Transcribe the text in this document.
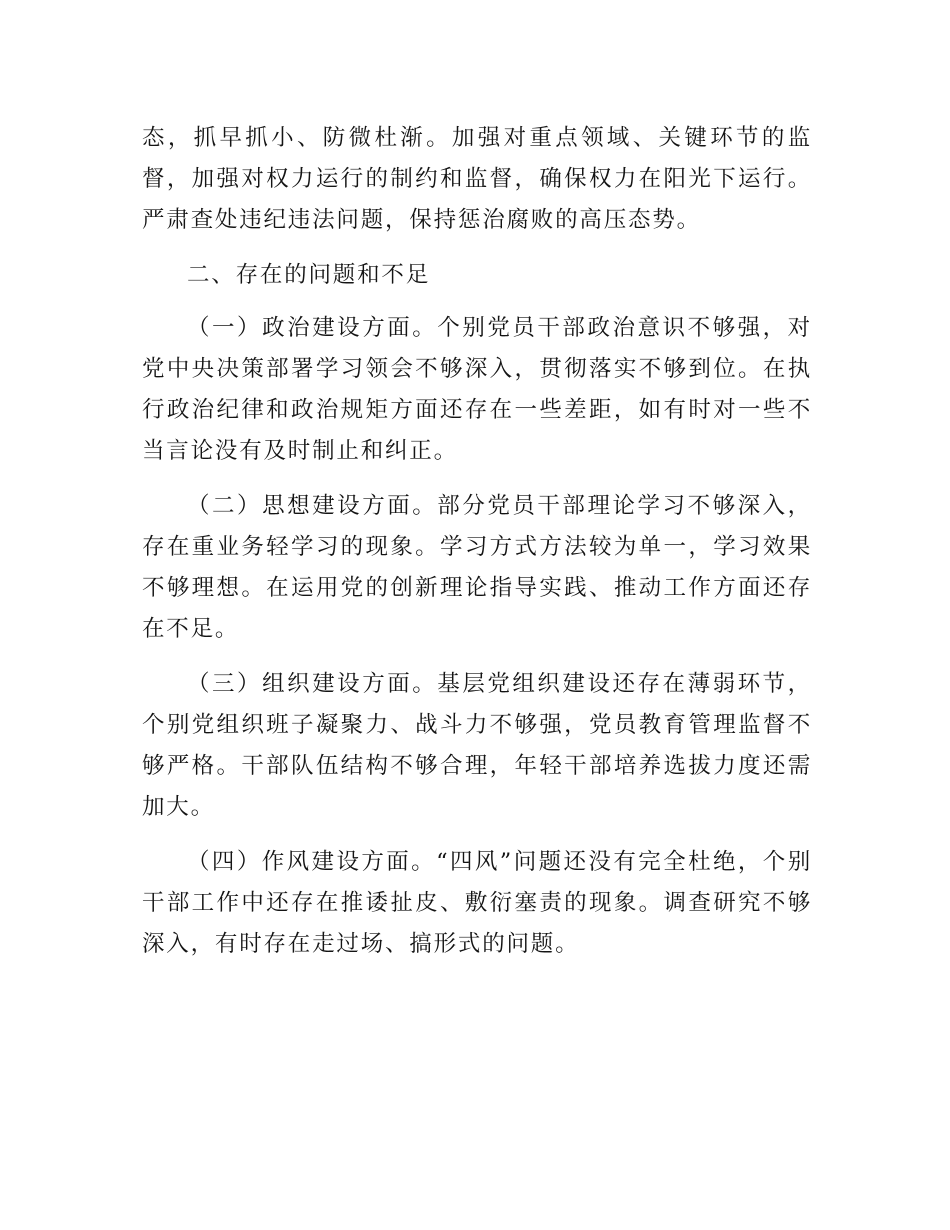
态，抓早抓小、防微杜渐。加强对重点领域、关键环节的监督，加强对权力运行的制约和监督，确保权力在阳光下运行。严肃查处违纪违法问题，保持惩治腐败的高压态势。

二、存在的问题和不足

（一）政治建设方面。个别党员干部政治意识不够强，对党中央决策部署学习领会不够深入，贯彻落实不够到位。在执行政治纪律和政治规矩方面还存在一些差距，如有时对一些不当言论没有及时制止和纠正。

（二）思想建设方面。部分党员干部理论学习不够深入，存在重业务轻学习的现象。学习方式方法较为单一，学习效果不够理想。在运用党的创新理论指导实践、推动工作方面还存在不足。

（三）组织建设方面。基层党组织建设还存在薄弱环节，个别党组织班子凝聚力、战斗力不够强，党员教育管理监督不够严格。干部队伍结构不够合理，年轻干部培养选拔力度还需加大。

（四）作风建设方面。“四风”问题还没有完全杜绝，个别干部工作中还存在推诿扯皮、敷衍塞责的现象。调查研究不够深入，有时存在走过场、搞形式的问题。
